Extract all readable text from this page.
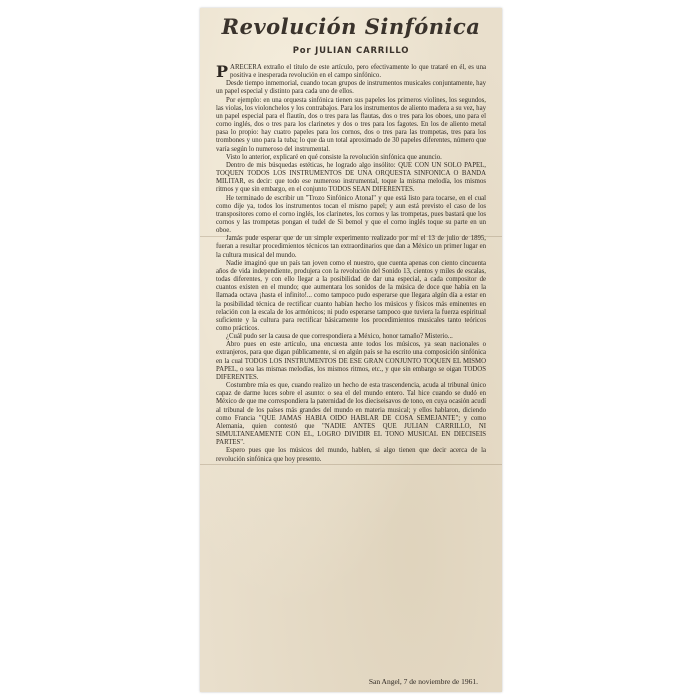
Revolución Sinfónica
Por JULIAN CARRILLO

PARECERA extraño el título de este artículo, pero efectivamente lo que trataré en él, es una positiva e inesperada revolución en el campo sinfónico.

Desde tiempo inmemorial, cuando tocan grupos de instrumentos musicales conjuntamente, hay un papel especial y distinto para cada uno de ellos.

Por ejemplo: en una orquesta sinfónica tienen sus papeles los primeros violines, los segundos, las violas, los violonchelos y los contrabajos. Para los instrumentos de aliento madera a su vez, hay un papel especial para el flautín, dos o tres para las flautas, dos o tres para los oboes, uno para el corno inglés, dos o tres para los clarinetes y dos o tres para los fagotes. En los de aliento metal pasa lo propio: hay cuatro papeles para los cornos, dos o tres para las trompetas, tres para los trombones y uno para la tuba; lo que da un total aproximado de 30 papeles diferentes, número que varía según lo numeroso del instrumental.

Visto lo anterior, explicaré en qué consiste la revolución sinfónica que anuncio.

Dentro de mis búsquedas estéticas, he logrado algo insólito: QUE CON UN SOLO PAPEL, TOQUEN TODOS LOS INSTRUMENTOS DE UNA ORQUESTA SINFONICA O BANDA MILITAR, es decir: que todo ese numeroso instrumental, toque la misma melodía, los mismos ritmos y que sin embargo, en el conjunto TODOS SEAN DIFERENTES.

He terminado de escribir un "Trozo Sinfónico Atonal" y que está listo para tocarse, en el cual como dije ya, todos los instrumentos tocan el mismo papel; y aun está previsto el caso de los transpositores como el corno inglés, los clarinetes, los cornos y las trompetas, pues bastará que los cornos y las trompetas pongan el tudel de Si bemol y que el corno inglés toque su parte en un oboe.

Jamás pude esperar que de un simple experimento realizado por mí el 13 de julio de 1895, fueran a resultar procedimientos técnicos tan extraordinarios que dan a México un primer lugar en la cultura musical del mundo.

Nadie imaginó que un país tan joven como el nuestro, que cuenta apenas con ciento cincuenta años de vida independiente, produjera con la revolución del Sonido 13, cientos y miles de escalas, todas diferentes, y con ello llegar a la posibilidad de dar una especial, a cada compositor de cuantos existen en el mundo; que aumentara los sonidos de la música de doce que había en la llamada octava ¡hasta el infinito!... como tampoco pudo esperarse que llegara algún día a estar en la posibilidad técnica de rectificar cuanto habían hecho los músicos y físicos más eminentes en relación con la escala de los armónicos; ni pudo esperarse tampoco que tuviera la fuerza espiritual suficiente y la cultura para rectificar básicamente los procedimientos musicales tanto teóricos como prácticos.

¿Cuál pudo ser la causa de que correspondiera a México, honor tamaño? Misterio...

Abro pues en este artículo, una encuesta ante todos los músicos, ya sean nacionales o extranjeros, para que digan públicamente, si en algún país se ha escrito una composición sinfónica en la cual TODOS LOS INSTRUMENTOS DE ESE GRAN CONJUNTO TOQUEN EL MISMO PAPEL, o sea las mismas melodías, los mismos ritmos, etc., y que sin embargo se oigan TODOS DIFERENTES.

Costumbre mía es que, cuando realizo un hecho de esta trascendencia, acuda al tribunal único capaz de darme luces sobre el asunto: o sea el del mundo entero. Tal hice cuando se dudó en México de que me correspondiera la paternidad de los dieciseisavos de tono, en cuya ocasión acudí al tribunal de los países más grandes del mundo en materia musical; y ellos hablaron, diciendo como Francia "QUE JAMAS HABIA OIDO HABLAR DE COSA SEMEJANTE"; y como Alemania, quien contestó que "NADIE ANTES QUE JULIAN CARRILLO, NI SIMULTANEAMENTE CON EL, LOGRO DIVIDIR EL TONO MUSICAL EN DIECISEIS PARTES".

Espero pues que los músicos del mundo, hablen, si algo tienen que decir acerca de la revolución sinfónica que hoy presento.

San Angel, 7 de noviembre de 1961.
